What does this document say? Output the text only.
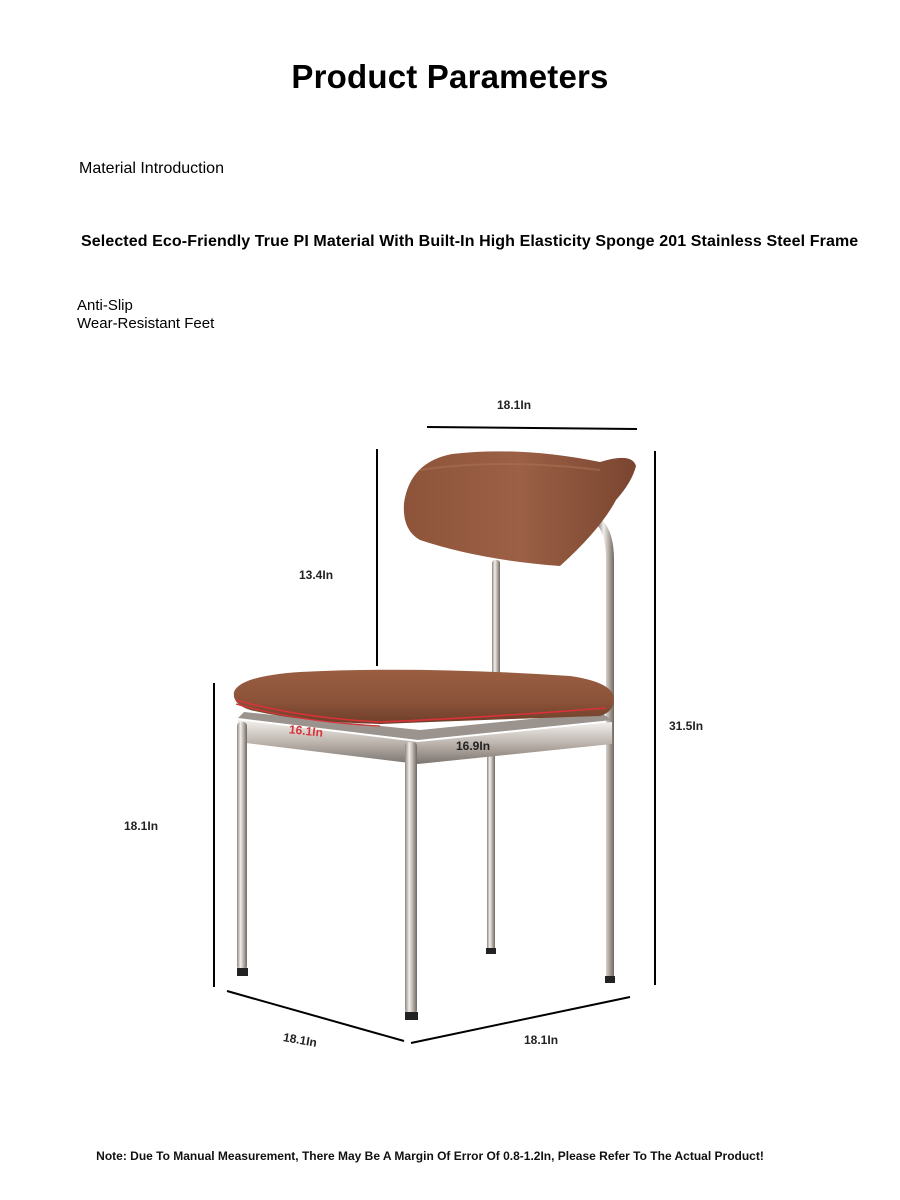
Product Parameters
Material Introduction
Selected Eco-Friendly True PI Material With Built-In High Elasticity Sponge 201 Stainless Steel Frame
Anti-Slip
Wear-Resistant Feet
18.1In
13.4In
16.1In
16.9In
31.5In
18.1In
18.1In	18.1In
Note: Due To Manual Measurement, There May Be A Margin Of Error Of 0.8-1.2In, Please Refer To The Actual Product!
